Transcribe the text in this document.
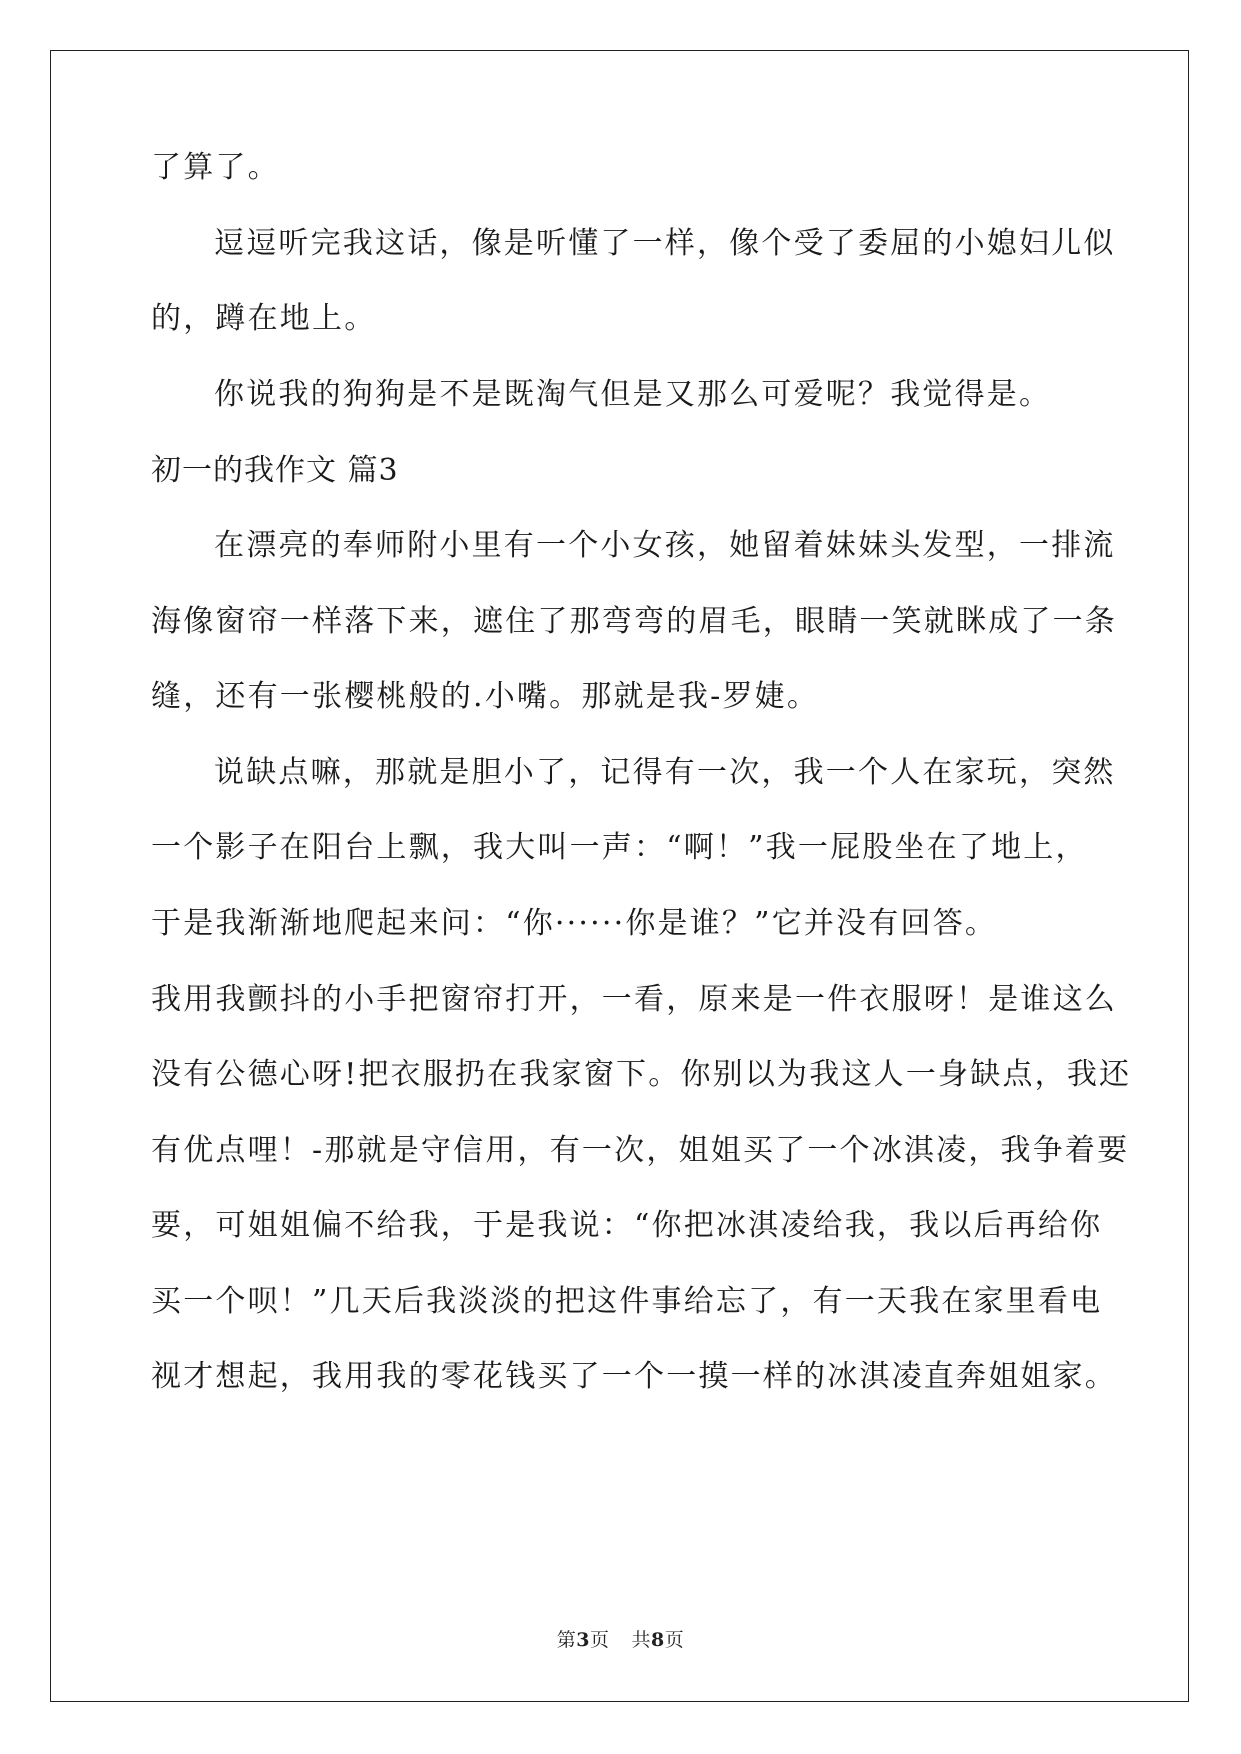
了算了。
逗逗听完我这话，像是听懂了一样，像个受了委屈的小媳妇儿似
的，蹲在地上。
你说我的狗狗是不是既淘气但是又那么可爱呢？我觉得是。
初一的我作文 篇3
在漂亮的奉师附小里有一个小女孩，她留着妹妹头发型，一排流
海像窗帘一样落下来，遮住了那弯弯的眉毛，眼睛一笑就眯成了一条
缝，还有一张樱桃般的.小嘴。那就是我-罗婕。
说缺点嘛，那就是胆小了，记得有一次，我一个人在家玩，突然
一个影子在阳台上飘，我大叫一声：“啊！”我一屁股坐在了地上，
于是我渐渐地爬起来问：“你······你是谁？”它并没有回答。
我用我颤抖的小手把窗帘打开，一看，原来是一件衣服呀！是谁这么
没有公德心呀!把衣服扔在我家窗下。你别以为我这人一身缺点，我还
有优点哩！-那就是守信用，有一次，姐姐买了一个冰淇凌，我争着要
要，可姐姐偏不给我，于是我说：“你把冰淇凌给我，我以后再给你
买一个呗！”几天后我淡淡的把这件事给忘了，有一天我在家里看电
视才想起，我用我的零花钱买了一个一摸一样的冰淇凌直奔姐姐家。
第3页 共8页
